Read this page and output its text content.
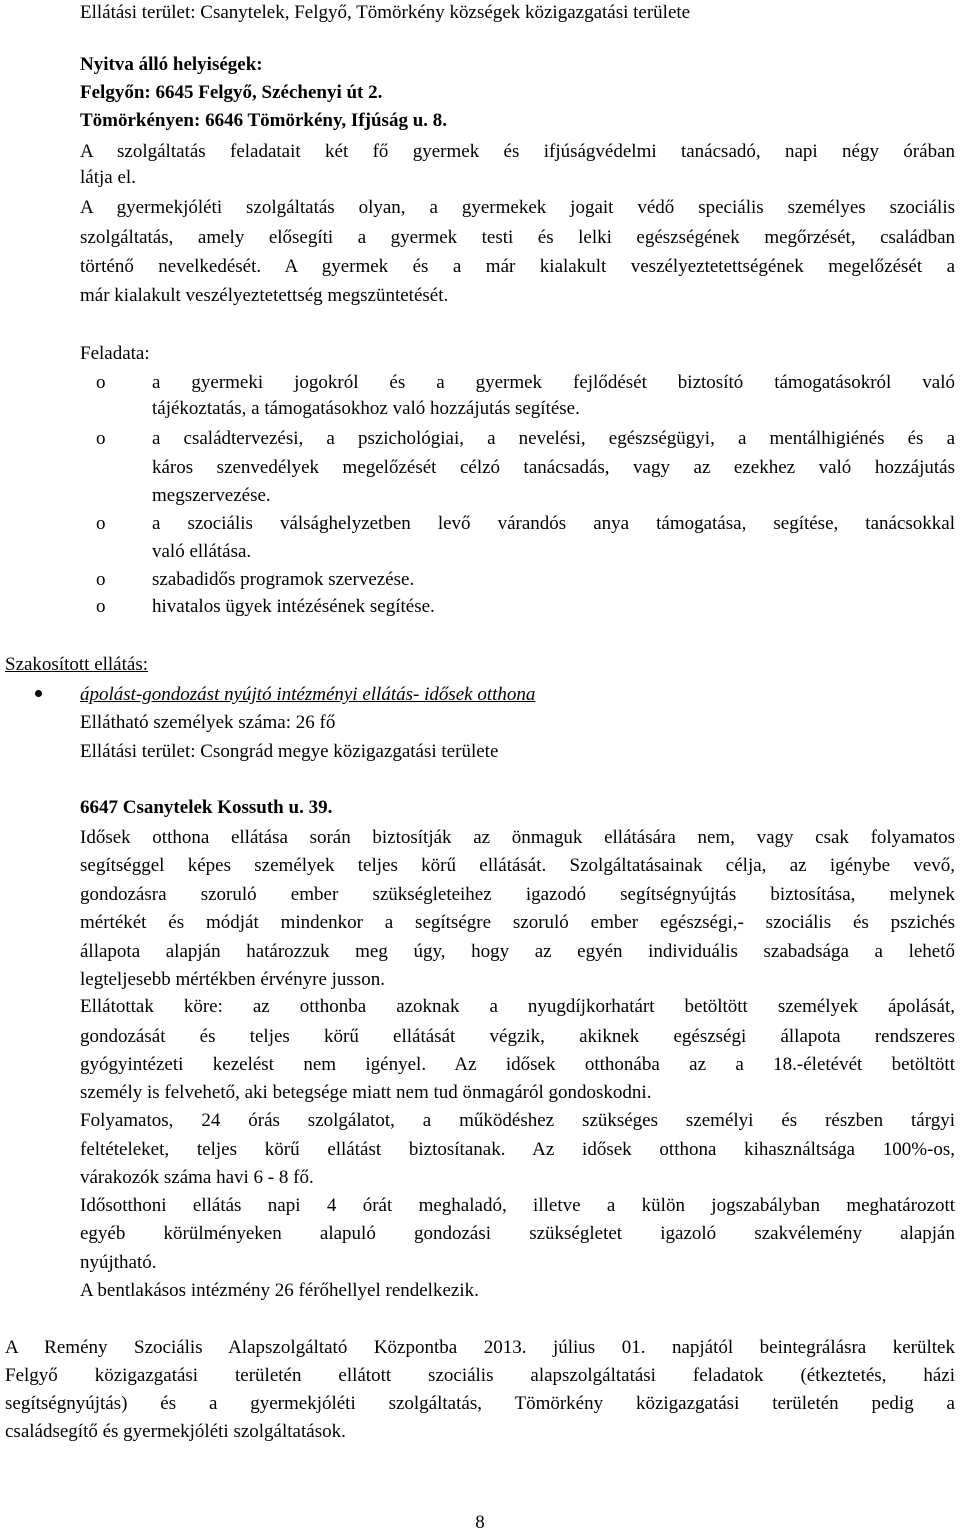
Ellátási terület: Csanytelek, Felgyő, Tömörkény községek közigazgatási területe
Nyitva álló helyiségek:
Felgyőn: 6645 Felgyő, Széchenyi út 2.
Tömörkényen: 6646 Tömörkény, Ifjúság u. 8.
A szolgáltatás feladatait két fő gyermek és ifjúságvédelmi tanácsadó, napi négy órában
látja el.
A gyermekjóléti szolgáltatás olyan, a gyermekek jogait védő speciális személyes szociális
szolgáltatás, amely elősegíti a gyermek testi és lelki egészségének megőrzését, családban
történő nevelkedését. A gyermek és a már kialakult veszélyeztetettségének megelőzését a
már kialakult veszélyeztetettség megszüntetését.
Feladata:
o a gyermeki jogokról és a gyermek fejlődését biztosító támogatásokról való
tájékoztatás, a támogatásokhoz való hozzájutás segítése.
o a családtervezési, a pszichológiai, a nevelési, egészségügyi, a mentálhigiénés és a
káros szenvedélyek megelőzését célzó tanácsadás, vagy az ezekhez való hozzájutás
megszervezése.
o a szociális válsághelyzetben levő várandós anya támogatása, segítése, tanácsokkal
való ellátása.
o szabadidős programok szervezése.
o hivatalos ügyek intézésének segítése.
Szakosított ellátás:
ápolást-gondozást nyújtó intézményi ellátás- idősek otthona
Ellátható személyek száma: 26 fő
Ellátási terület: Csongrád megye közigazgatási területe
6647 Csanytelek Kossuth u. 39.
Idősek otthona ellátása során biztosítják az önmaguk ellátására nem, vagy csak folyamatos
segítséggel képes személyek teljes körű ellátását. Szolgáltatásainak célja, az igénybe vevő,
gondozásra szoruló ember szükségleteihez igazodó segítségnyújtás biztosítása, melynek
mértékét és módját mindenkor a segítségre szoruló ember egészségi,- szociális és pszichés
állapota alapján határozzuk meg úgy, hogy az egyén individuális szabadsága a lehető
legteljesebb mértékben érvényre jusson.
Ellátottak köre: az otthonba azoknak a nyugdíjkorhatárt betöltött személyek ápolását,
gondozását és teljes körű ellátását végzik, akiknek egészségi állapota rendszeres
gyógyintézeti kezelést nem igényel. Az idősek otthonába az a 18.-életévét betöltött
személy is felvehető, aki betegsége miatt nem tud önmagáról gondoskodni.
Folyamatos, 24 órás szolgálatot, a működéshez szükséges személyi és részben tárgyi
feltételeket, teljes körű ellátást biztosítanak. Az idősek otthona kihasználtsága 100%-os,
várakozók száma havi 6 - 8 fő.
Idősotthoni ellátás napi 4 órát meghaladó, illetve a külön jogszabályban meghatározott
egyéb körülményeken alapuló gondozási szükségletet igazoló szakvélemény alapján
nyújtható.
A bentlakásos intézmény 26 férőhellyel rendelkezik.
A Remény Szociális Alapszolgáltató Központba 2013. július 01. napjától beintegrálásra kerültek
Felgyő közigazgatási területén ellátott szociális alapszolgáltatási feladatok (étkeztetés, házi
segítségnyújtás) és a gyermekjóléti szolgáltatás, Tömörkény közigazgatási területén pedig a
családsegítő és gyermekjóléti szolgáltatások.
8
